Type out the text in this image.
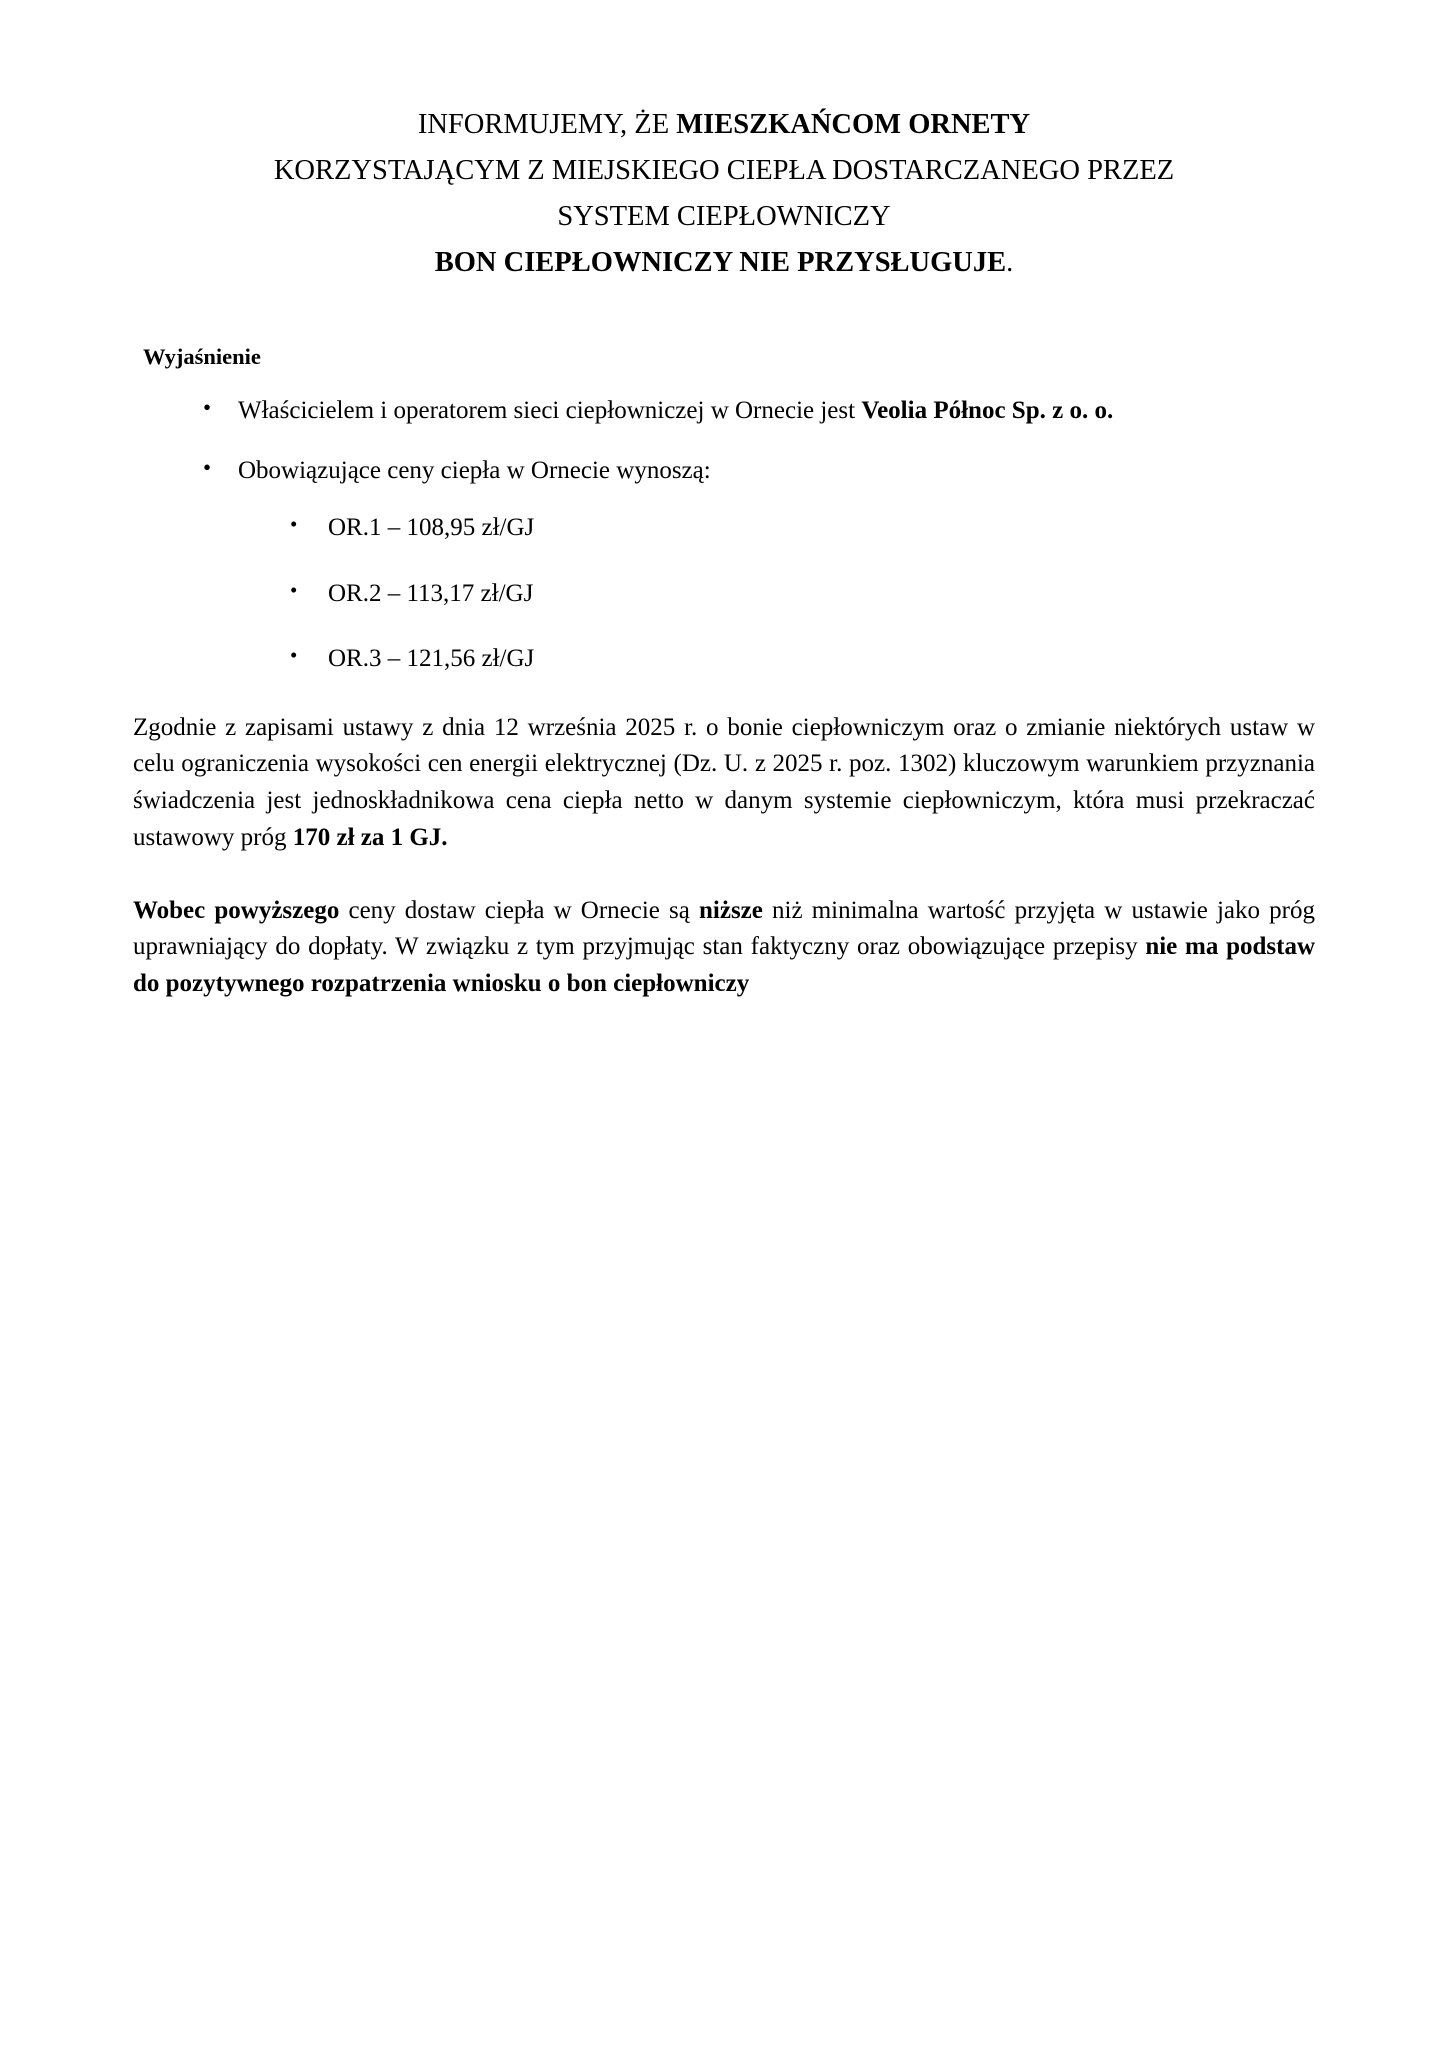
INFORMUJEMY, ŻE MIESZKAŃCOM ORNETY

KORZYSTAJĄCYM Z MIEJSKIEGO CIEPŁA DOSTARCZANEGO PRZEZ

SYSTEM CIEPŁOWNICZY

BON CIEPŁOWNICZY NIE PRZYSŁUGUJE.

Wyjaśnienie

• Właścicielem i operatorem sieci ciepłowniczej w Ornecie jest Veolia Północ Sp. z o. o.
• Obowiązujące ceny ciepła w Ornecie wynoszą:
• OR.1 – 108,95 zł/GJ
• OR.2 – 113,17 zł/GJ
• OR.3 – 121,56 zł/GJ

Zgodnie z zapisami ustawy z dnia 12 września 2025 r. o bonie ciepłowniczym oraz o zmianie niektórych ustaw w celu ograniczenia wysokości cen energii elektrycznej (Dz. U. z 2025 r. poz. 1302) kluczowym warunkiem przyznania świadczenia jest jednoskładnikowa cena ciepła netto w danym systemie ciepłowniczym, która musi przekraczać ustawowy próg 170 zł za 1 GJ.

Wobec powyższego ceny dostaw ciepła w Ornecie są niższe niż minimalna wartość przyjęta w ustawie jako próg uprawniający do dopłaty. W związku z tym przyjmując stan faktyczny oraz obowiązujące przepisy nie ma podstaw do pozytywnego rozpatrzenia wniosku o bon ciepłowniczy
